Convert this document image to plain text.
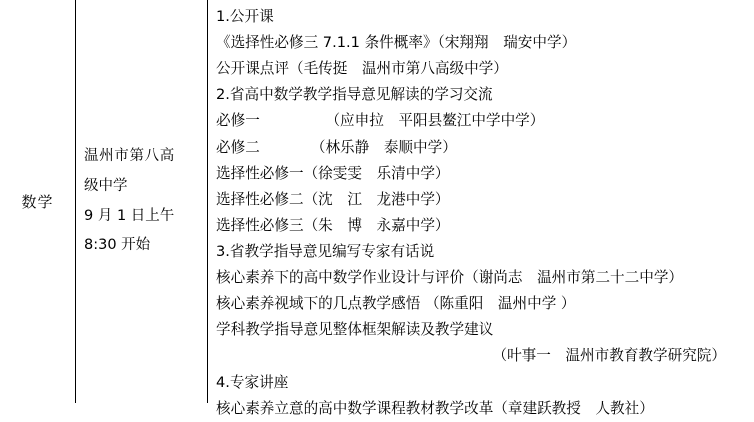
数学
温州市第八高
级中学
9 月 1 日上午
8:30 开始
1.公开课
《选择性必修三 7.1.1 条件概率》（宋翔翔　瑞安中学）
公开课点评（毛传挺　温州市第八高级中学）
2.省高中数学教学指导意见解读的学习交流
必修一　　　　　（应申拉　平阳县鳌江中学中学）
必修二　　　　（林乐静　泰顺中学）
选择性必修一（徐雯雯　乐清中学）
选择性必修二（沈　江　龙港中学）
选择性必修三（朱　博　永嘉中学）
3.省教学指导意见编写专家有话说
核心素养下的高中数学作业设计与评价（谢尚志　温州市第二十二中学）
核心素养视域下的几点教学感悟 （陈重阳　温州中学 ）
学科教学指导意见整体框架解读及教学建议
（叶事一　温州市教育教学研究院）
4.专家讲座
核心素养立意的高中数学课程教材教学改革（章建跃教授　人教社）
